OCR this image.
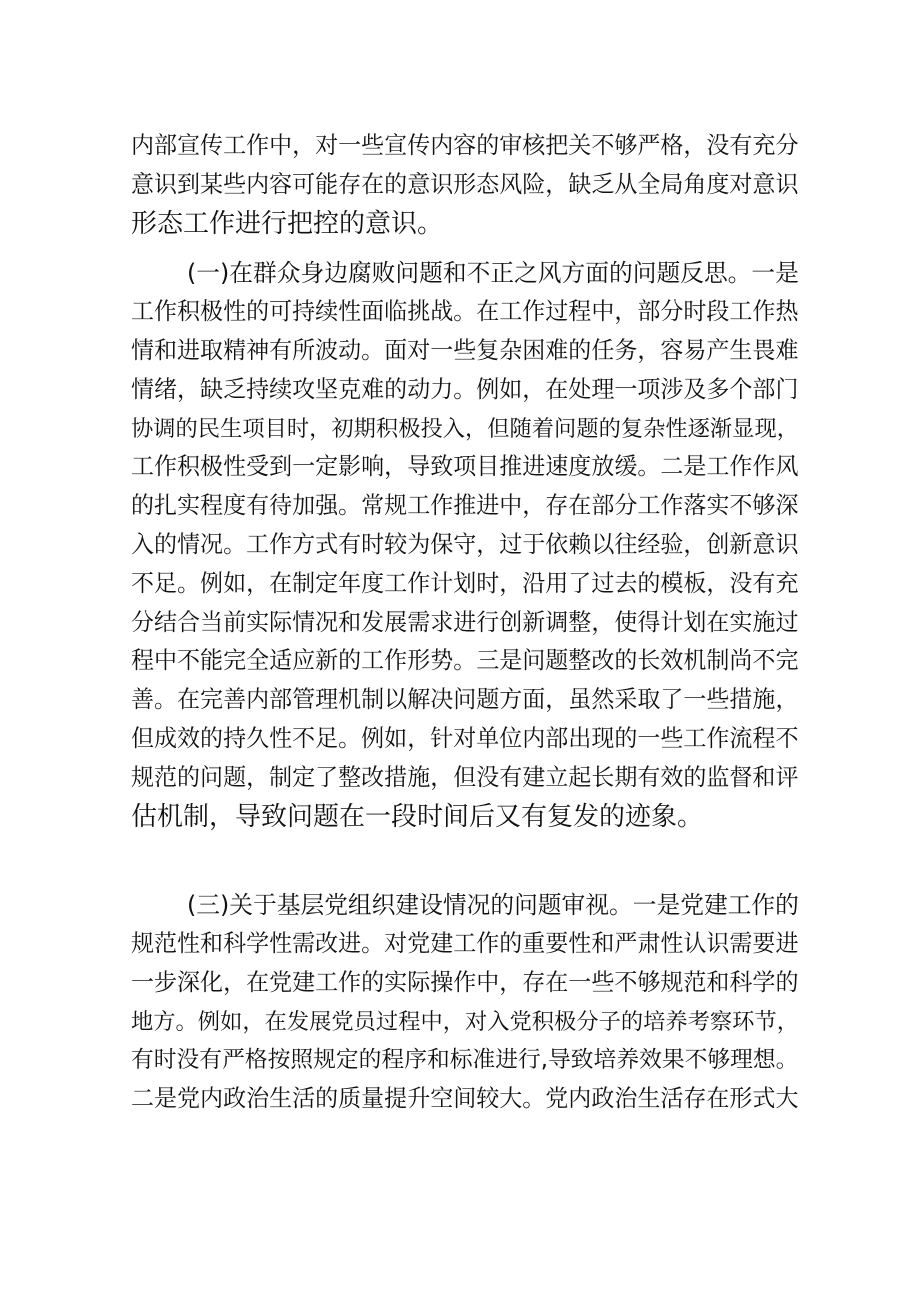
内部宣传工作中，对一些宣传内容的审核把关不够严格，没有充分
意识到某些内容可能存在的意识形态风险，缺乏从全局角度对意识
形态工作进行把控的意识。
(一)在群众身边腐败问题和不正之风方面的问题反思。一是
工作积极性的可持续性面临挑战。在工作过程中，部分时段工作热
情和进取精神有所波动。面对一些复杂困难的任务，容易产生畏难
情绪，缺乏持续攻坚克难的动力。例如，在处理一项涉及多个部门
协调的民生项目时，初期积极投入，但随着问题的复杂性逐渐显现，
工作积极性受到一定影响，导致项目推进速度放缓。二是工作作风
的扎实程度有待加强。常规工作推进中，存在部分工作落实不够深
入的情况。工作方式有时较为保守，过于依赖以往经验，创新意识
不足。例如，在制定年度工作计划时，沿用了过去的模板，没有充
分结合当前实际情况和发展需求进行创新调整，使得计划在实施过
程中不能完全适应新的工作形势。三是问题整改的长效机制尚不完
善。在完善内部管理机制以解决问题方面，虽然采取了一些措施，
但成效的持久性不足。例如，针对单位内部出现的一些工作流程不
规范的问题，制定了整改措施，但没有建立起长期有效的监督和评
估机制，导致问题在一段时间后又有复发的迹象。
(三)关于基层党组织建设情况的问题审视。一是党建工作的
规范性和科学性需改进。对党建工作的重要性和严肃性认识需要进
一步深化，在党建工作的实际操作中，存在一些不够规范和科学的
地方。例如，在发展党员过程中，对入党积极分子的培养考察环节，
有时没有严格按照规定的程序和标准进行,导致培养效果不够理想。
二是党内政治生活的质量提升空间较大。党内政治生活存在形式大
